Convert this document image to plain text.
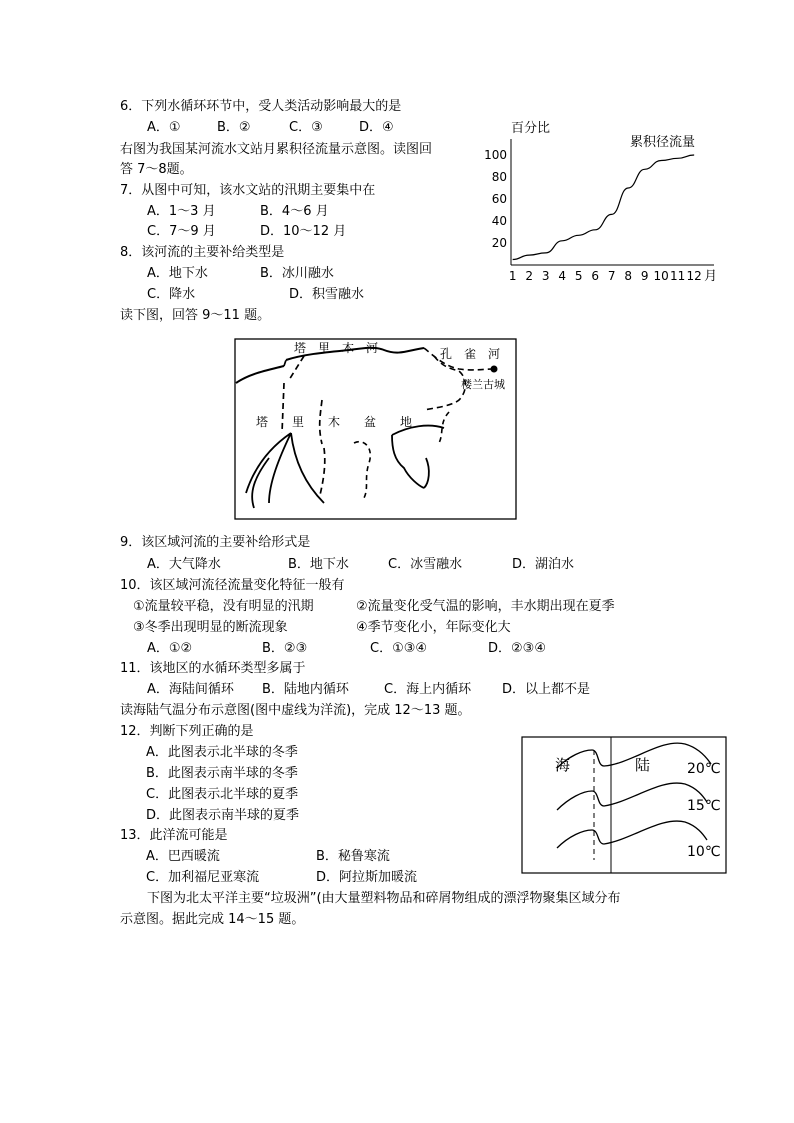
6．下列水循环环节中，受人类活动影响最大的是
A．①	B．②	C．③	D．④
右图为我国某河流水文站月累积径流量示意图。读图回
答 7～8题。
7．从图中可知，该水文站的汛期主要集中在
A．1～3 月	B．4～6 月
C．7～9 月	D．10～12 月
8．该河流的主要补给类型是
A．地下水	B．冰川融水
C．降水	D．积雪融水
读下图，回答 9～11 题。
百分比
累积径流量
20
40
60
80
100
1 2 3 4 5 6 7 8 9 10 11 12 月
塔　里　木　河	孔　雀　河
楼兰古城
塔　　里　　木　　盆　　地
9．该区域河流的主要补给形式是
A．大气降水	B．地下水	C．冰雪融水	D．湖泊水
10．该区域河流径流量变化特征一般有
①流量较平稳，没有明显的汛期	②流量变化受气温的影响，丰水期出现在夏季
③冬季出现明显的断流现象	④季节变化小，年际变化大
A．①②	B．②③	C．①③④	D．②③④
11．该地区的水循环类型多属于
A．海陆间循环 B．陆地内循环	C．海上内循环 D．以上都不是
读海陆气温分布示意图(图中虚线为洋流)，完成 12～13 题。
12．判断下列正确的是
A．此图表示北半球的冬季
B．此图表示南半球的冬季
C．此图表示北半球的夏季
D．此图表示南半球的夏季
13．此洋流可能是
A．巴西暖流	B．秘鲁寒流
C．加利福尼亚寒流	D．阿拉斯加暖流
海	陆	20℃
15℃
10℃
下图为北太平洋主要“垃圾洲”(由大量塑料物品和碎屑物组成的漂浮物聚集区域分布
示意图。据此完成 14～15 题。
